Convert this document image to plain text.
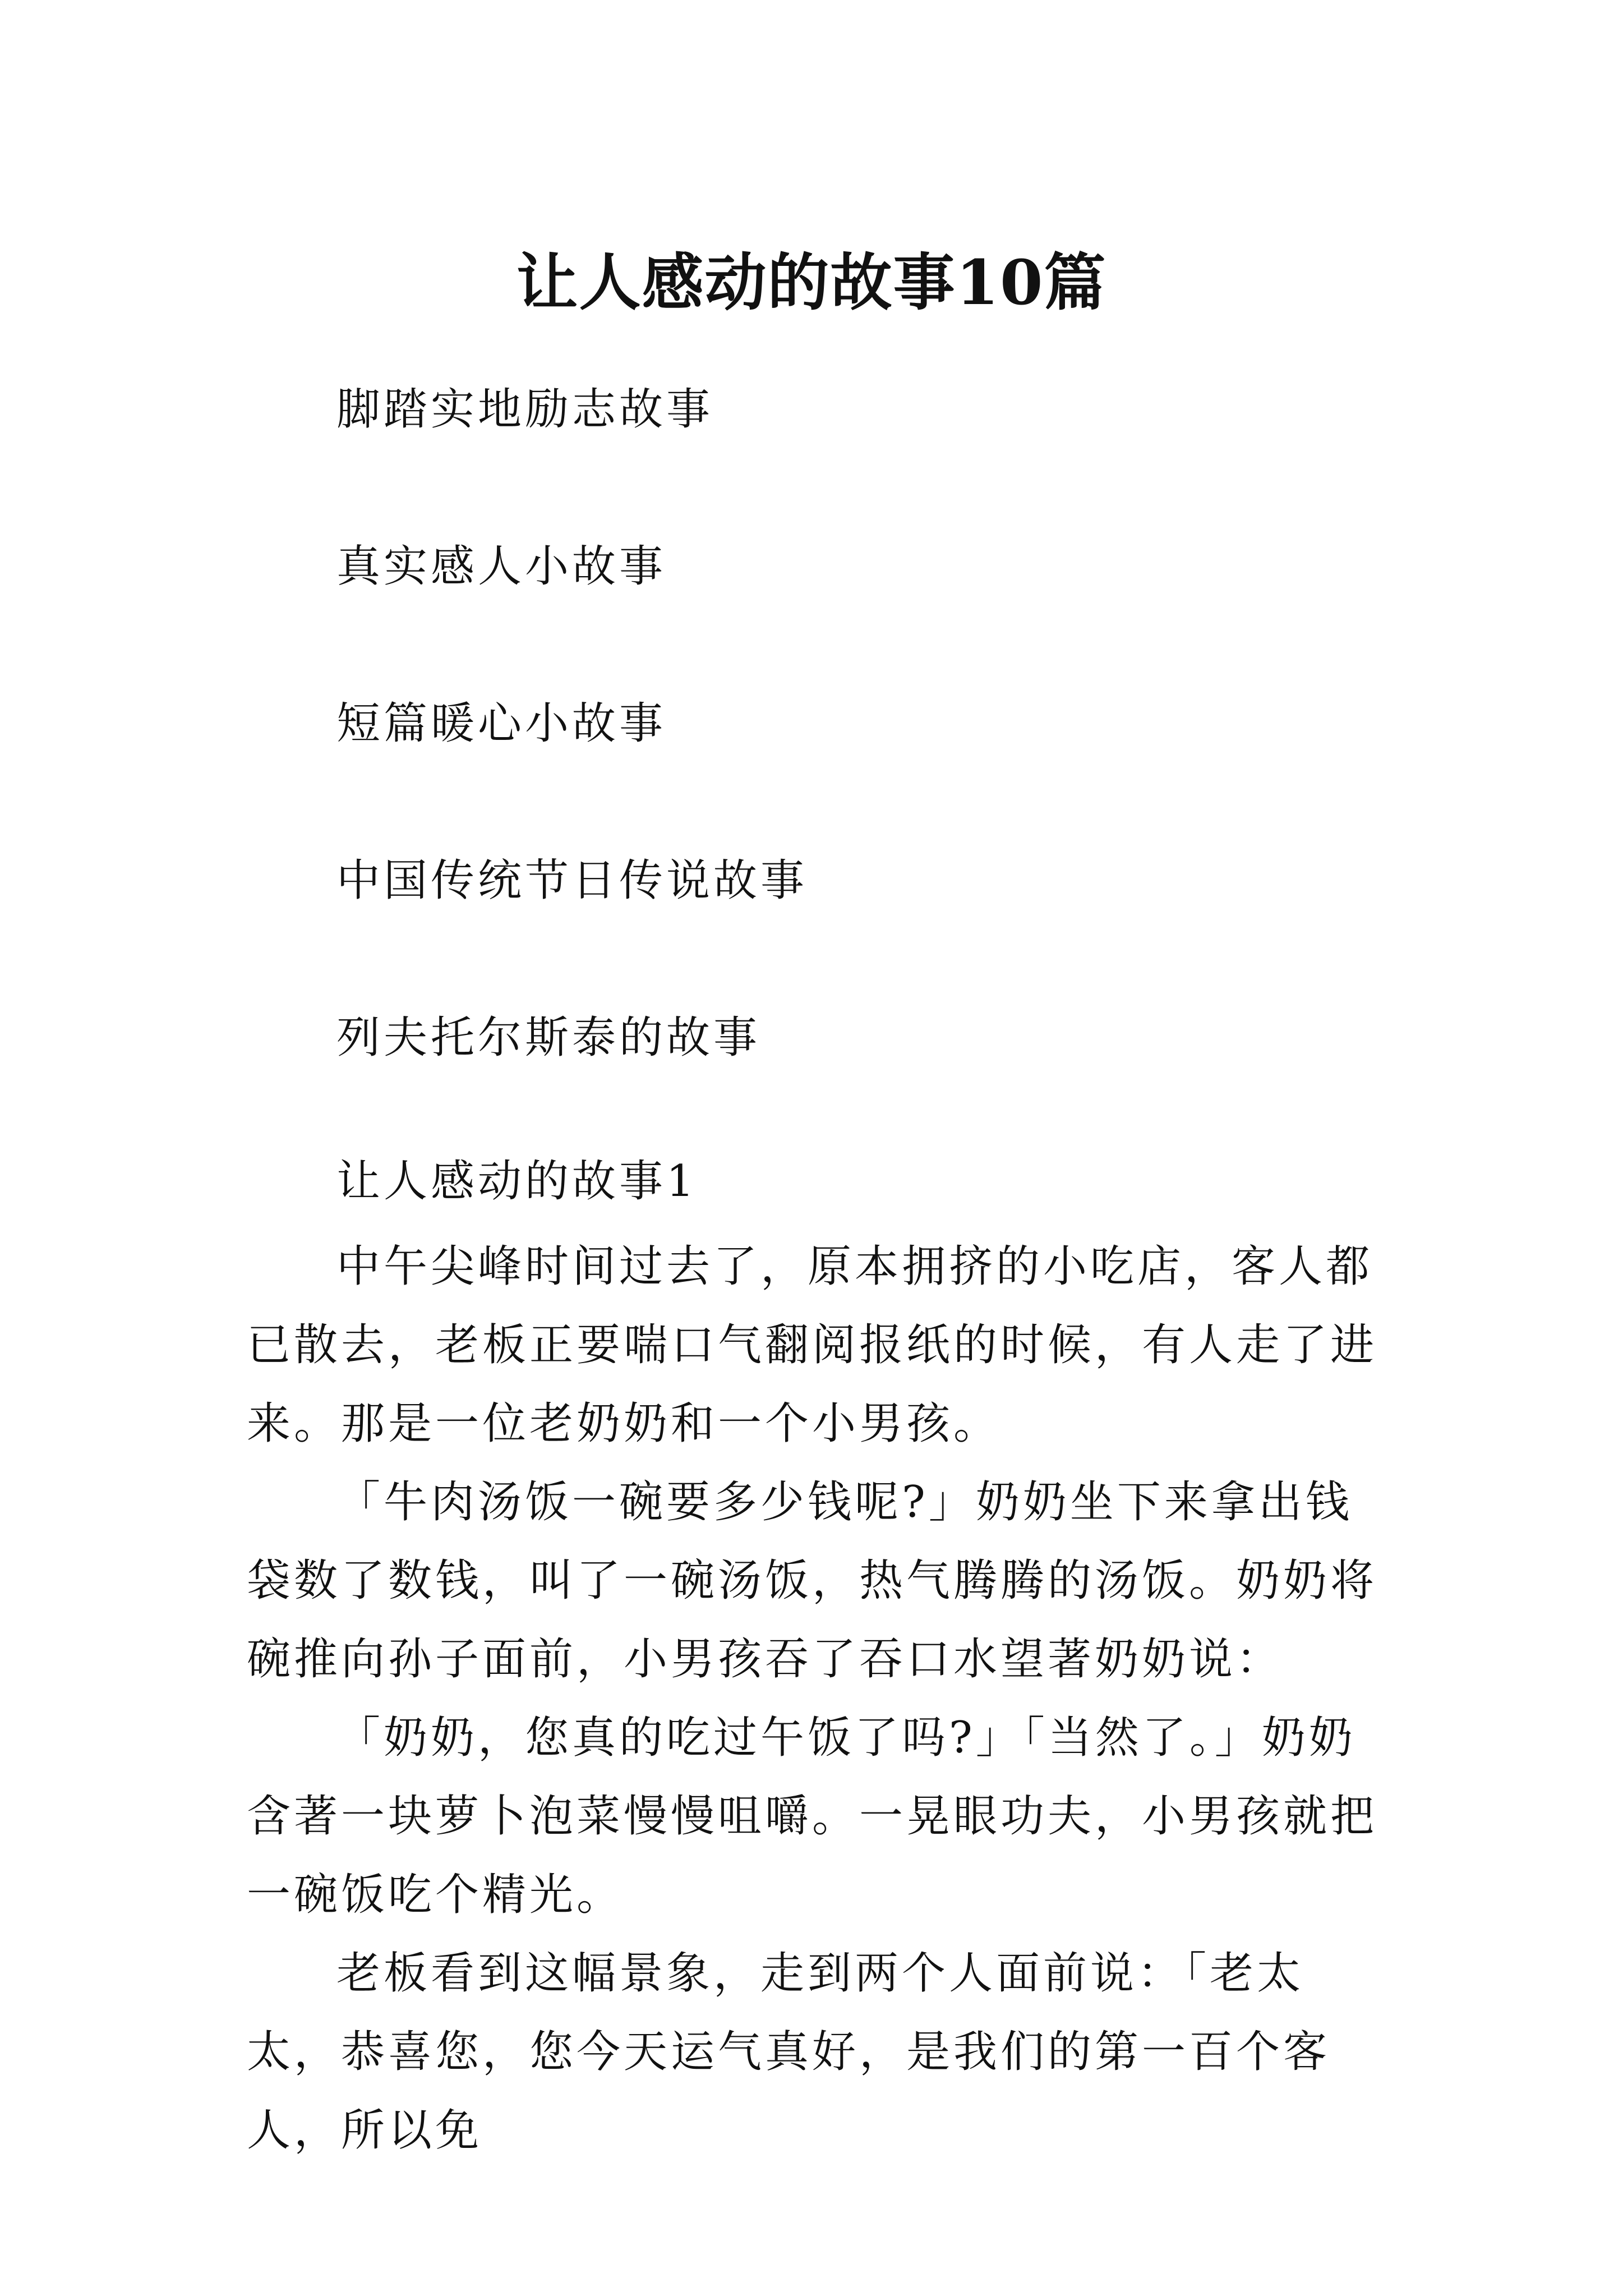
让人感动的故事10篇
脚踏实地励志故事
真实感人小故事
短篇暖心小故事
中国传统节日传说故事
列夫托尔斯泰的故事
让人感动的故事1

中午尖峰时间过去了，原本拥挤的小吃店，客人都已散去，老板正要喘口气翻阅报纸的时候，有人走了进来。那是一位老奶奶和一个小男孩。

「牛肉汤饭一碗要多少钱呢?」奶奶坐下来拿出钱袋数了数钱，叫了一碗汤饭，热气腾腾的汤饭。奶奶将碗推向孙子面前，小男孩吞了吞口水望著奶奶说：

「奶奶，您真的吃过午饭了吗?」「当然了。」奶奶含著一块萝卜泡菜慢慢咀嚼。一晃眼功夫，小男孩就把一碗饭吃个精光。

老板看到这幅景象，走到两个人面前说：「老太太，恭喜您，您今天运气真好，是我们的第一百个客人，所以免
